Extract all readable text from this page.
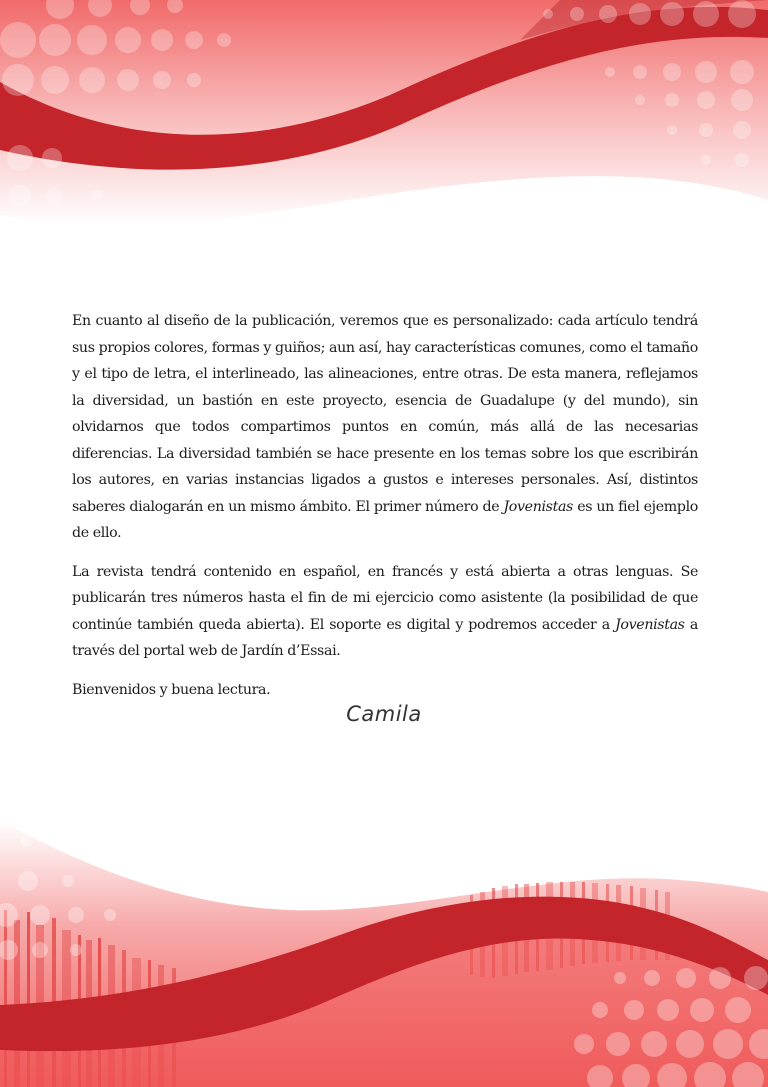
En cuanto al diseño de la publicación, veremos que es personalizado: cada artículo tendrá sus propios colores, formas y guiños; aun así, hay características comunes, como el tamaño y el tipo de letra, el interlineado, las alineaciones, entre otras. De esta manera, reflejamos la diversidad, un bastión en este proyecto, esencia de Guadalupe (y del mundo), sin olvidarnos que todos compartimos puntos en común, más allá de las necesarias diferencias. La diversidad también se hace presente en los temas sobre los que escribirán los autores, en varias instancias ligados a gustos e intereses personales. Así, distintos saberes dialogarán en un mismo ámbito. El primer número de Jovenistas es un fiel ejemplo de ello.

La revista tendrá contenido en español, en francés y está abierta a otras lenguas. Se publicarán tres números hasta el fin de mi ejercicio como asistente (la posibilidad de que continúe también queda abierta). El soporte es digital y podremos acceder a Jovenistas a través del portal web de Jardín d’Essai.

Bienvenidos y buena lectura.

Camila
